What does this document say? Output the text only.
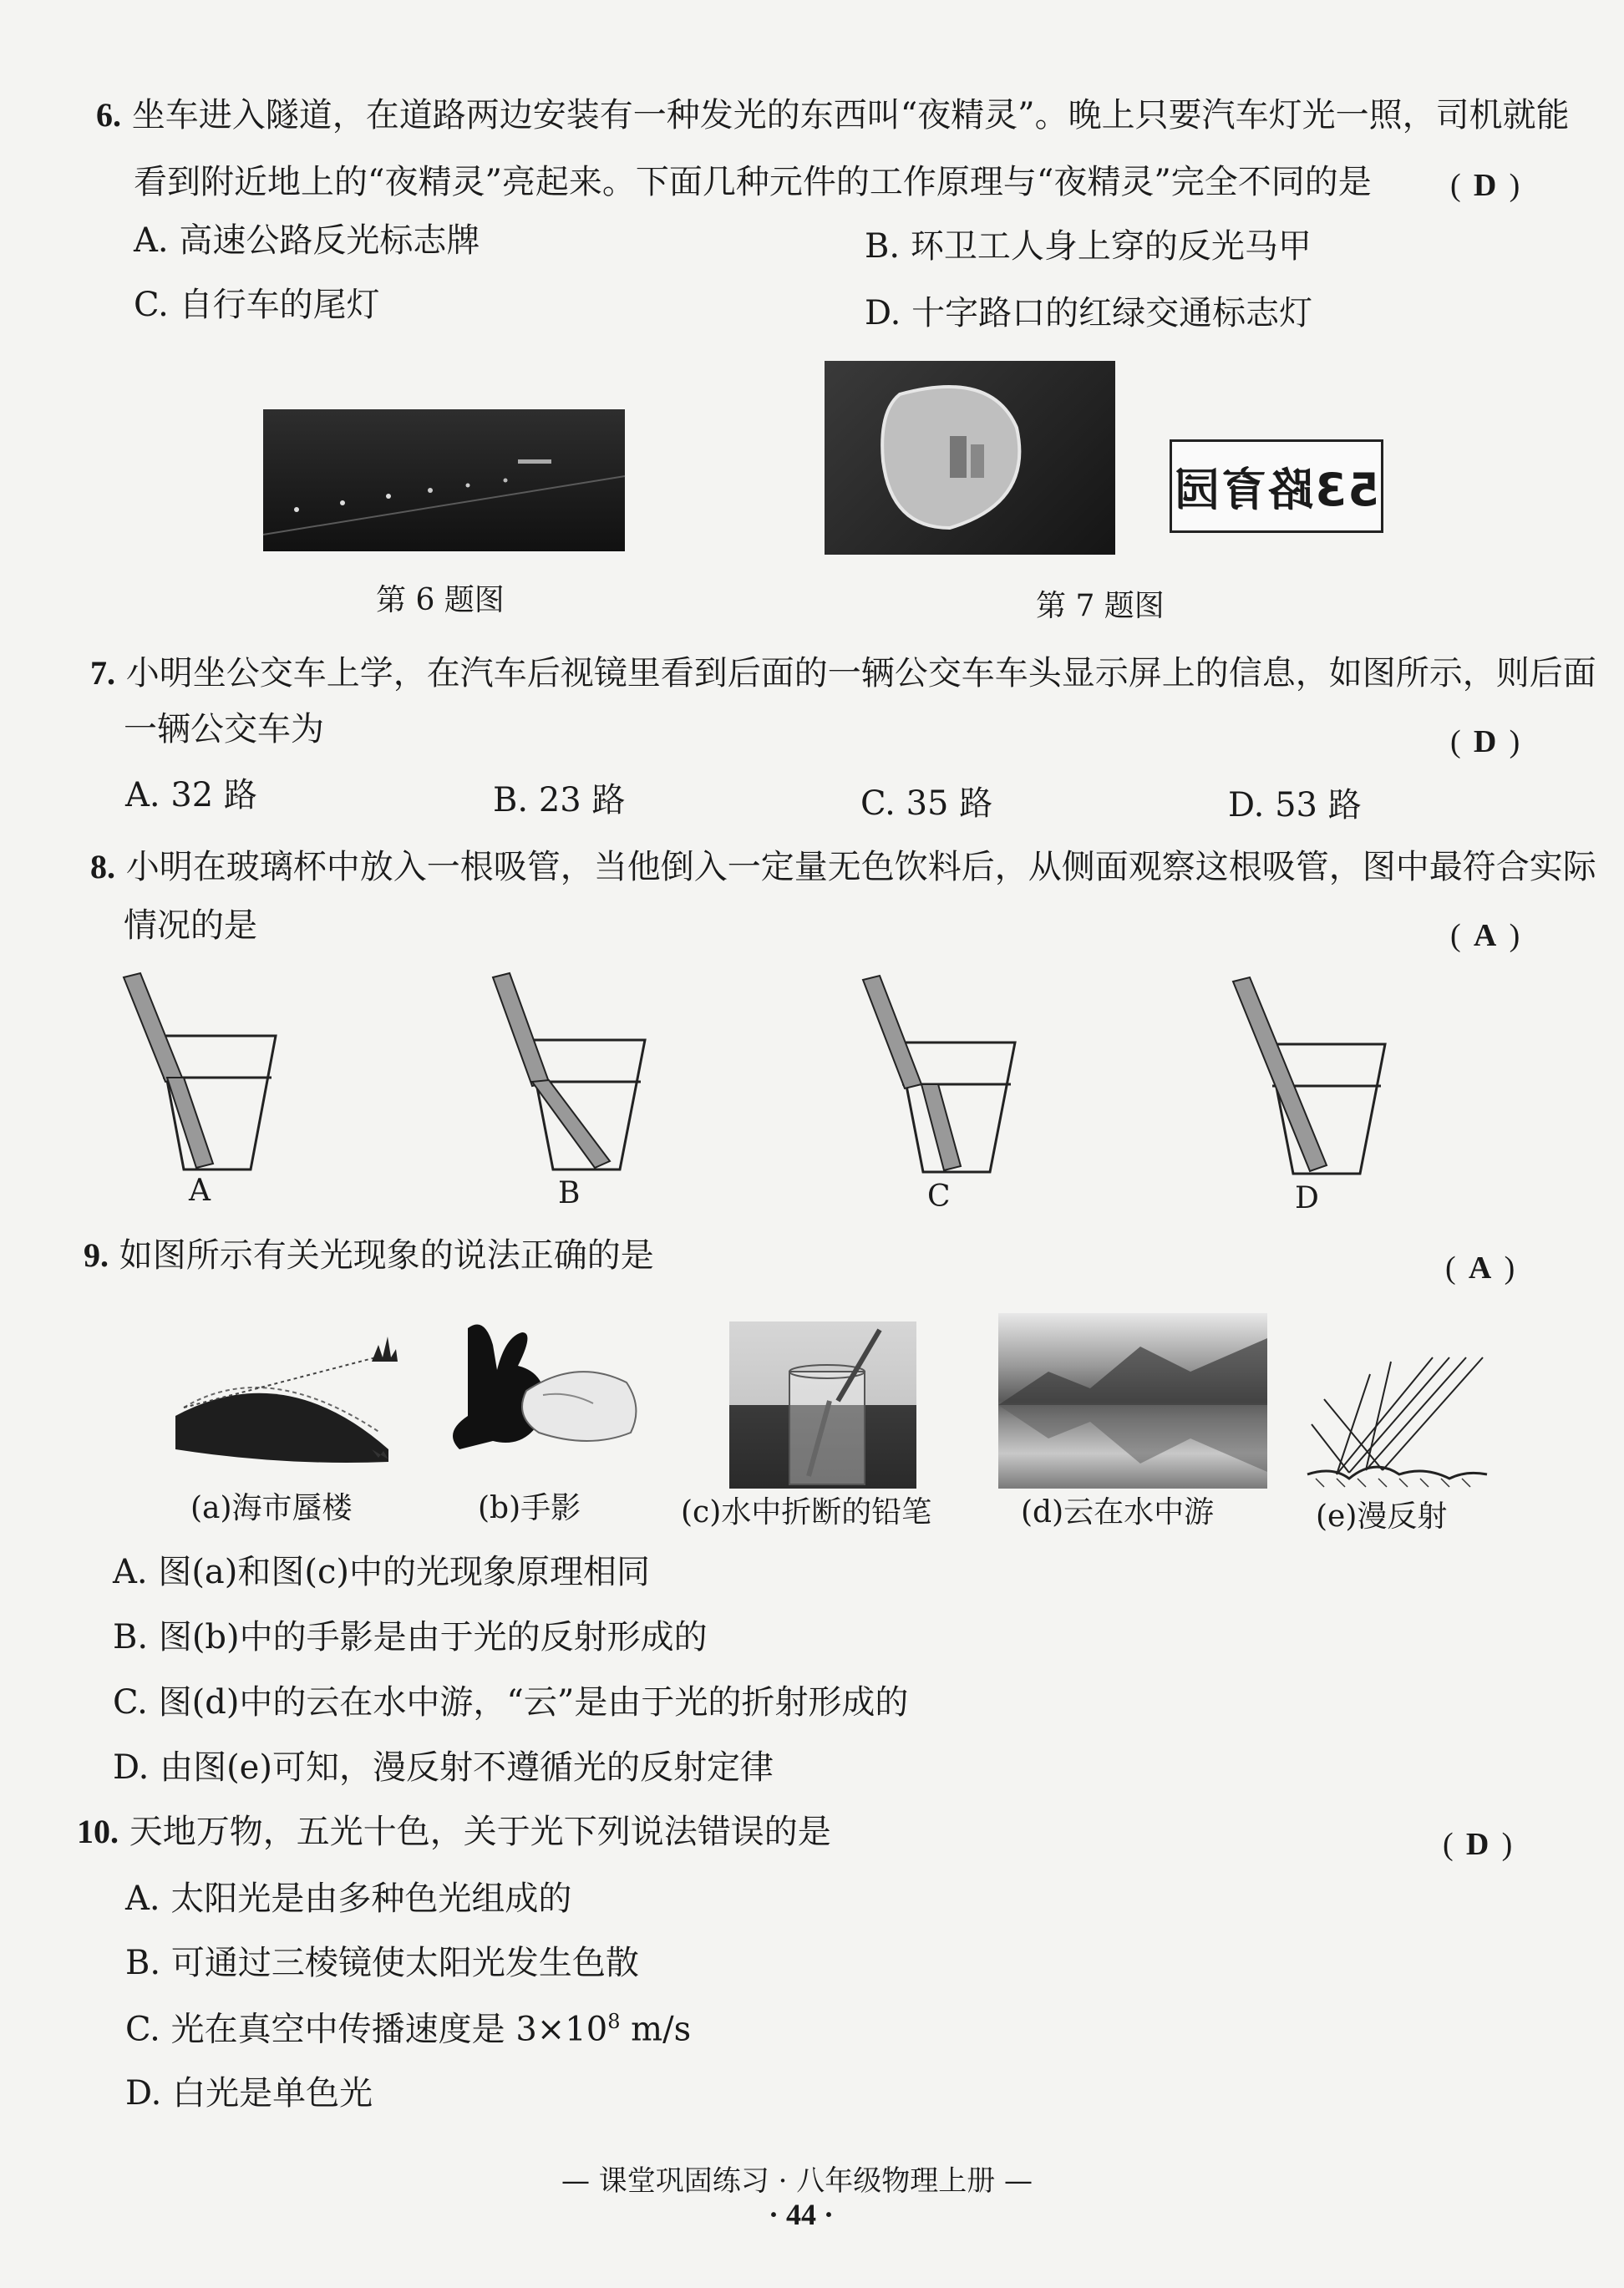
6. 坐车进入隧道，在道路两边安装有一种发光的东西叫“夜精灵”。晚上只要汽车灯光一照，司机就能
看到附近地上的“夜精灵”亮起来。下面几种元件的工作原理与“夜精灵”完全不同的是 ( D )
A. 高速公路反光标志牌	B. 环卫工人身上穿的反光马甲
C. 自行车的尾灯	D. 十字路口的红绿交通标志灯
第 6 题图
53路育园
第 7 题图
7. 小明坐公交车上学，在汽车后视镜里看到后面的一辆公交车车头显示屏上的信息，如图所示，则后面
一辆公交车为	( D )
A. 32 路	B. 23 路	C. 35 路	D. 53 路
8. 小明在玻璃杯中放入一根吸管，当他倒入一定量无色饮料后，从侧面观察这根吸管，图中最符合实际
情况的是	( A )
A	B	C	D
9. 如图所示有关光现象的说法正确的是	( A )
(a)海市蜃楼	(b)手影	(c)水中折断的铅笔	(d)云在水中游	(e)漫反射
A. 图(a)和图(c)中的光现象原理相同
B. 图(b)中的手影是由于光的反射形成的
C. 图(d)中的云在水中游，“云”是由于光的折射形成的
D. 由图(e)可知，漫反射不遵循光的反射定律
10. 天地万物，五光十色，关于光下列说法错误的是	( D )
A. 太阳光是由多种色光组成的
B. 可通过三棱镜使太阳光发生色散
C. 光在真空中传播速度是 $3\times 10^8$ m/s
D. 白光是单色光
— 课堂巩固练习 · 八年级物理上册 —
· 44 ·
